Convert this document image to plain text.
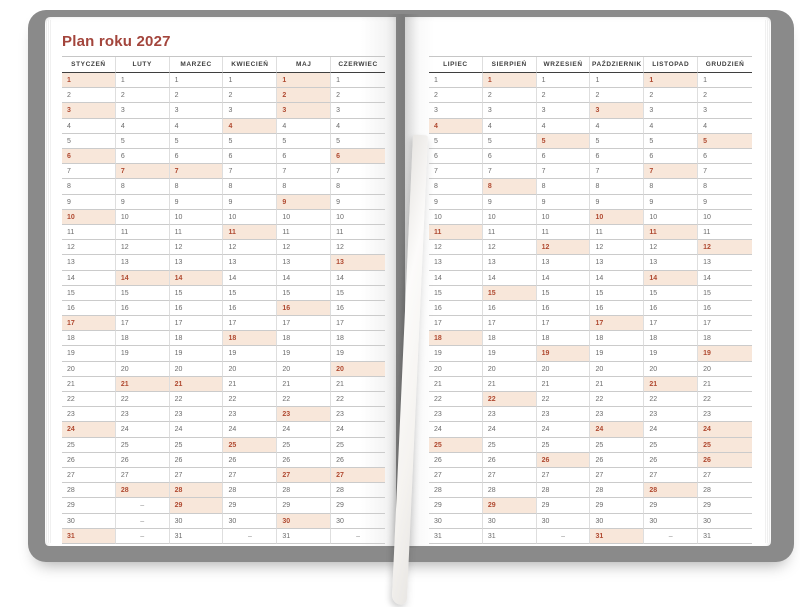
Plan roku 2027
STYCZEŃ	LUTY	MARZEC	KWIECIEŃ	MAJ	CZERWIEC
1	1	1	1	1	1
2	2	2	2	2	2
3	3	3	3	3	3
4	4	4	4	4	4
5	5	5	5	5	5
6	6	6	6	6	6
7	7	7	7	7	7
8	8	8	8	8	8
9	9	9	9	9	9
10	10	10	10	10	10
11	11	11	11	11	11
12	12	12	12	12	12
13	13	13	13	13	13
14	14	14	14	14	14
15	15	15	15	15	15
16	16	16	16	16	16
17	17	17	17	17	17
18	18	18	18	18	18
19	19	19	19	19	19
20	20	20	20	20	20
21	21	21	21	21	21
22	22	22	22	22	22
23	23	23	23	23	23
24	24	24	24	24	24
25	25	25	25	25	25
26	26	26	26	26	26
27	27	27	27	27	27
28	28	28	28	28	28
29	–	29	29	29	29
30	–	30	30	30	30
31	–	31	–	31	–
LIPIEC	SIERPIEŃ	WRZESIEŃ	PAŹDZIERNIK	LISTOPAD	GRUDZIEŃ
1	1	1	1	1	1
2	2	2	2	2	2
3	3	3	3	3	3
4	4	4	4	4	4
5	5	5	5	5	5
6	6	6	6	6	6
7	7	7	7	7	7
8	8	8	8	8	8
9	9	9	9	9	9
10	10	10	10	10	10
11	11	11	11	11	11
12	12	12	12	12	12
13	13	13	13	13	13
14	14	14	14	14	14
15	15	15	15	15	15
16	16	16	16	16	16
17	17	17	17	17	17
18	18	18	18	18	18
19	19	19	19	19	19
20	20	20	20	20	20
21	21	21	21	21	21
22	22	22	22	22	22
23	23	23	23	23	23
24	24	24	24	24	24
25	25	25	25	25	25
26	26	26	26	26	26
27	27	27	27	27	27
28	28	28	28	28	28
29	29	29	29	29	29
30	30	30	30	30	30
31	31	–	31	–	31
